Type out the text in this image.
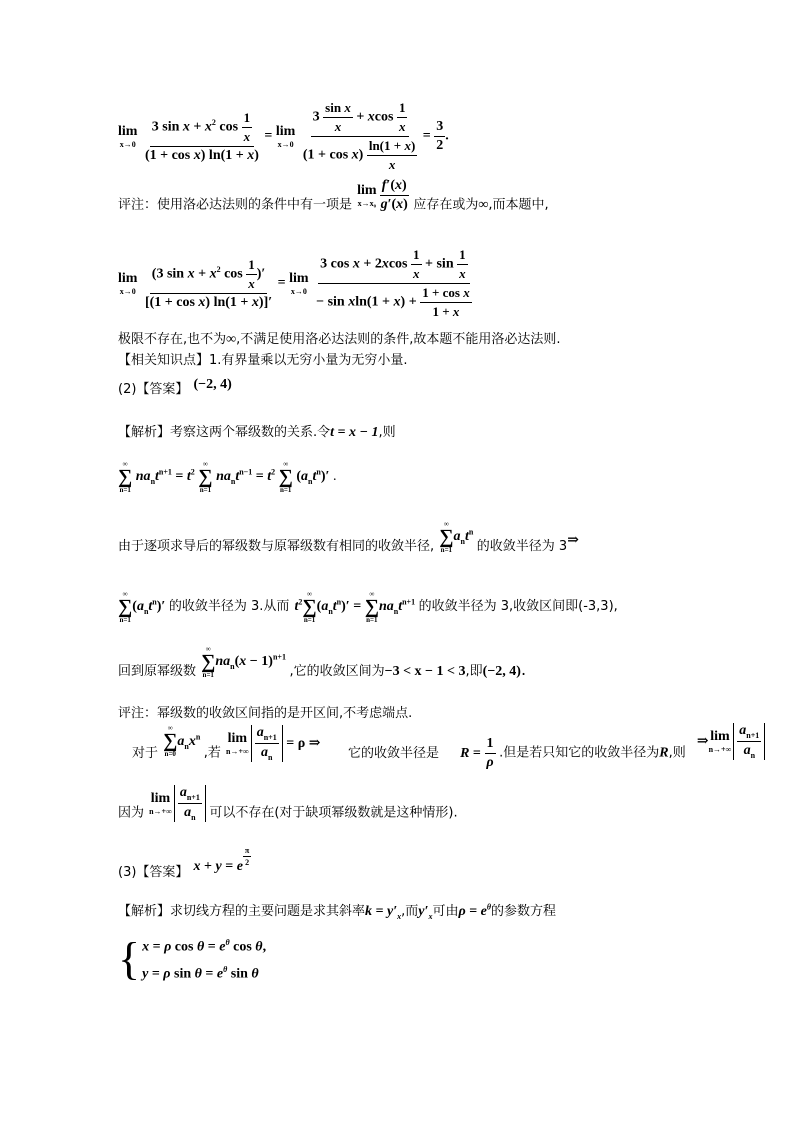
lim
x→0
$\frac{3 \sin x + x^2 \cos \frac{1}{x}}{\text{(1 + cos x) ln(1 + x)}} = \lim$
x→0
$\frac{3 \frac{\text{sin x}}{x} + xcos \frac{1}{x}}{(1 + \cos x) \frac{\ln(1 + x)}{x}} = \frac{3}{2}$ .
评注：使用洛必达法则的条件中有一项是
lim
$x\to x_0 \frac{f'(x)}{g'(x)}$ 应存在或为∞,而本题中,
lim
x→0
$\frac{(3 \sin x + x^2 \cos \frac{1}{x} )'}{\text{[(1 + cos x) ln(1 + x)]′}} = \lim$
x→0
$\frac{3 \cos x + 2xcos \frac{1}{x} + \sin \frac{1}{x}}{- \sin xln(1 + x) + \frac{\text{1 + cos x}}{1 + x}}$
极限不存在,也不为∞,不满足使用洛必达法则的条件,故本题不能用洛必达法则.
【相关知识点】1.有界量乘以无穷小量为无穷小量.
(2)【答案】 (−2, 4)
【解析】考察这两个幂级数的关系.令t = x − 1,则
∞
∑
n=1
$na_nt^{n+1} = t^2$
∞
∑
n=1
$na_nt^{n-1} = t^2$
∞
∑
n=1
$(a_nt^n)'$ .
由于逐项求导后的幂级数与原幂级数有相同的收敛半径,
∞
∑
n=1
$a_nt^n$ 的收敛半径为 3⇒
∞
∑
n=1
$(a_nt^n)'$ 的收敛半径为 3.从而 $t^2$
∞
∑
n=1
$(a_nt^n)'$ =
∞
∑
n=1
$na_nt^{n+1}$ 的收敛半径为 3,收敛区间即(-3,3),
回到原幂级数
∞
∑
n=1
$na_n(x - 1)^{n+1}$ ,它的收敛区间为−3 < x − 1 < 3,即(−2, 4).
评注：幂级数的收敛区间指的是开区间,不考虑端点.
对于
∞
∑
n=0
$a_nx^n$ ,若
lim
$n\to+\infty \frac{a_{n+1}}{a_n} = \rho$ ⇒ 它的收敛半径是 $R = \frac{1}{\rho}$ .但是若只知它的收敛半径为R,则 ⇒ lim
$n\to+\infty \frac{a_{n+1}}{a_n}$
因为
lim
$n\to+\infty \frac{a_{n+1}}{a_n}$ 可以不存在(对于缺项幂级数就是这种情形).
(3)【答案】 x + y = e $^{\frac{\pi}{2}}$
【解析】求切线方程的主要问题是求其斜率$k = y'_x$,而$y'_x$可由$\rho = e^\theta$的参数方程
{ x = ρ $\cos \theta = e^\theta$ cos θ,
y = ρ $\sin \theta = e^\theta$ sin θ
